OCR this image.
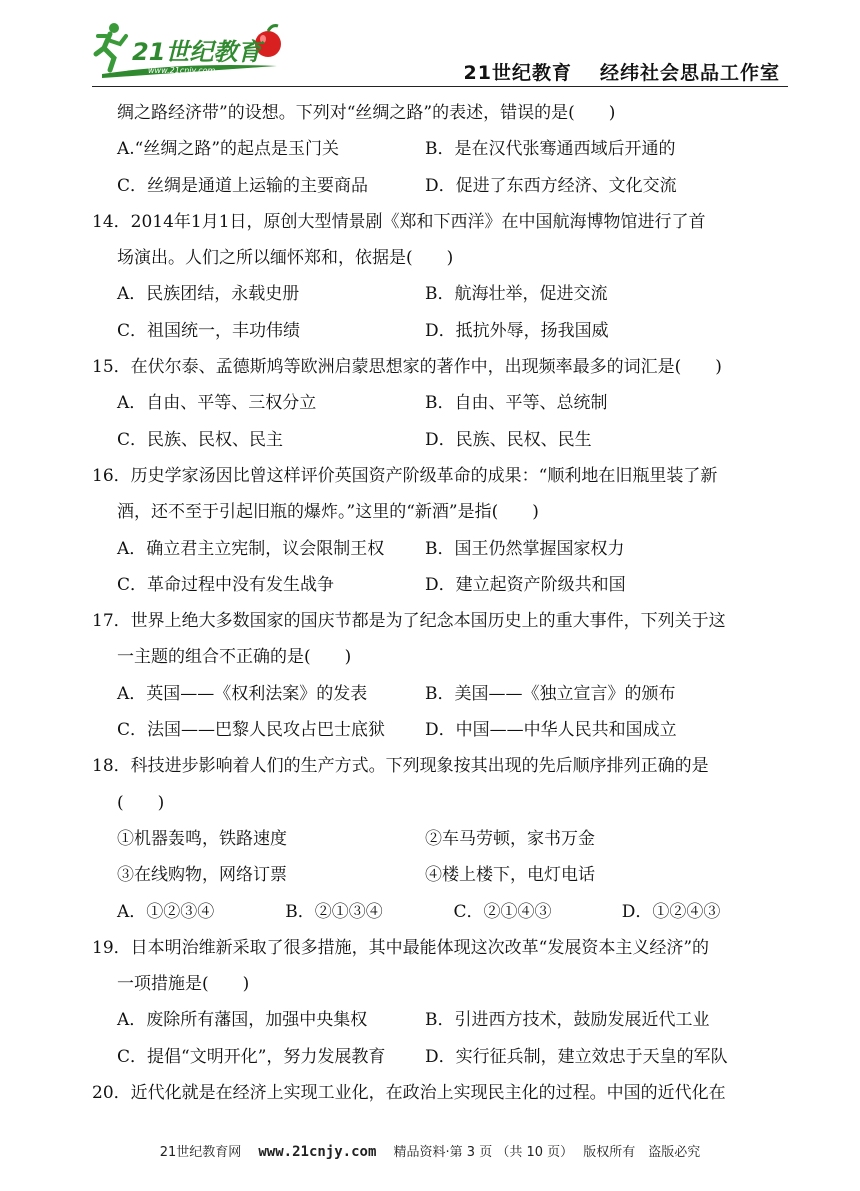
21世纪教育
www.21cnjy.com	21世纪教育 经纬社会思品工作室
绸之路经济带”的设想。下列对“丝绸之路”的表述，错误的是(　　)
A.“丝绸之路”的起点是玉门关	B．是在汉代张骞通西域后开通的
C．丝绸是通道上运输的主要商品	D．促进了东西方经济、文化交流
14．2014年1月1日，原创大型情景剧《郑和下西洋》在中国航海博物馆进行了首
场演出。人们之所以缅怀郑和，依据是(　　)
A．民族团结，永载史册	B．航海壮举，促进交流
C．祖国统一，丰功伟绩	D．抵抗外辱，扬我国威
15．在伏尔泰、孟德斯鸠等欧洲启蒙思想家的著作中，出现频率最多的词汇是(　　)
A．自由、平等、三权分立	B．自由、平等、总统制
C．民族、民权、民主	D．民族、民权、民生
16．历史学家汤因比曾这样评价英国资产阶级革命的成果：“顺利地在旧瓶里装了新
酒，还不至于引起旧瓶的爆炸。”这里的“新酒”是指(　　)
A．确立君主立宪制，议会限制王权	B．国王仍然掌握国家权力
C．革命过程中没有发生战争	D．建立起资产阶级共和国
17．世界上绝大多数国家的国庆节都是为了纪念本国历史上的重大事件，下列关于这
一主题的组合不正确的是(　　)
A．英国——《权利法案》的发表	B．美国——《独立宣言》的颁布
C．法国——巴黎人民攻占巴士底狱	D．中国——中华人民共和国成立
18．科技进步影响着人们的生产方式。下列现象按其出现的先后顺序排列正确的是
(　　)
①机器轰鸣，铁路速度	②车马劳顿，家书万金
③在线购物，网络订票	④楼上楼下，电灯电话
A．①②③④	B．②①③④	C．②①④③	D．①②④③
19．日本明治维新采取了很多措施，其中最能体现这次改革“发展资本主义经济”的
一项措施是(　　)
A．废除所有藩国，加强中央集权	B．引进西方技术，鼓励发展近代工业
C．提倡“文明开化”，努力发展教育	D．实行征兵制，建立效忠于天皇的军队
20．近代化就是在经济上实现工业化，在政治上实现民主化的过程。中国的近代化在
21世纪教育网 www.21cnjy.com 精品资料·第 3 页 （共 10 页） 版权所有　盗版必究
